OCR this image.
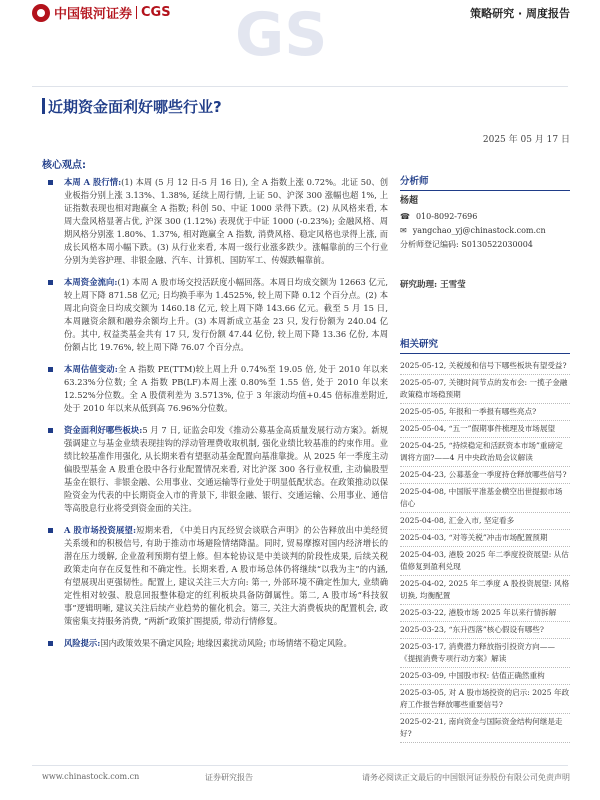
中国银河证券 CGS GS	策略研究 · 周度报告
近期资金面利好哪些行业?
2025 年 05 月 17 日
核心观点:
本周 A 股行情:(1) 本周 (5 月 12 日-5 月 16 日), 全 A 指数上涨 0.72%。北证 50、创业板指分别上涨 3.13%、1.38%, 延续上周行情, 上证 50、沪深 300 涨幅也超 1%, 上证指数表现也相对跑赢全 A 指数; 科创 50、中证 1000 录得下跌。(2) 从风格来看, 本周大盘风格显著占优, 沪深 300 (1.12%) 表现优于中证 1000 (-0.23%); 金融风格、周期风格分别涨 1.80%、1.37%, 相对跑赢全 A 指数, 消费风格、稳定风格也录得上涨, 而成长风格本周小幅下跌。(3) 从行业来看, 本周一级行业涨多跌少。涨幅靠前的三个行业分别为美容护理、非银金融、汽车、计算机、国防军工、传媒跌幅靠前。
本周资金流向:(1) 本周 A 股市场交投活跃度小幅回落。本周日均成交额为 12663 亿元, 较上周下降 871.58 亿元; 日均换手率为 1.4525%, 较上周下降 0.12 个百分点。(2) 本周北向资金日均成交额为 1460.18 亿元, 较上周下降 143.66 亿元。截至 5 月 15 日, 本周融资余额和融券余额均上升。(3) 本周新成立基金 23 只, 发行份额为 240.04 亿份。其中, 权益类基金共有 17 只, 发行份额 47.44 亿份, 较上周下降 13.36 亿份, 本周份额占比 19.76%, 较上周下降 76.07 个百分点。
本周估值变动:全 A 指数 PE(TTM)较上周上升 0.74%至 19.05 倍, 处于 2010 年以来 63.23%分位数; 全 A 指数 PB(LF)本周上涨 0.80%至 1.55 倍, 处于 2010 年以来 12.52%分位数。全 A 股债利差为 3.5713%, 位于 3 年滚动均值+0.45 倍标准差附近, 处于 2010 年以来从低到高 76.96%分位数。
资金面利好哪些板块:5 月 7 日, 证监会印发《推动公募基金高质量发展行动方案》。新规强调建立与基金业绩表现挂钩的浮动管理费收取机制, 强化业绩比较基准的约束作用。业绩比较基准作用强化, 从长期来看有望驱动基金配置向基准靠拢。从 2025 年一季度主动偏股型基金 A 股重仓股中各行业配置情况来看, 对比沪深 300 各行业权重, 主动偏股型基金在银行、非银金融、公用事业、交通运输等行业处于明显低配状态。在政策推动以保险资金为代表的中长期资金入市的背景下, 非银金融、银行、交通运输、公用事业、通信等高股息行业将受到资金面的关注。
A 股市场投资展望:短期来看, 《中美日内瓦经贸会谈联合声明》的公告释放出中美经贸关系缓和的积极信号, 有助于推动市场避险情绪降温。同时, 贸易摩擦对国内经济增长的潜在压力缓解, 企业盈利预期有望上修。但本轮协议是中美谈判的阶段性成果, 后续关税政策走向存在反复性和不确定性。长期来看, A 股市场总体仍将继续“以我为主”的内涵, 有望展现出更强韧性。配置上, 建议关注三大方向: 第一, 外部环境不确定性加大, 业绩确定性相对较强、股息回报整体稳定的红利板块具备防御属性。第二, A 股市场“科技叙事”逻辑明晰, 建议关注后续产业趋势的催化机会。第三, 关注大消费板块的配置机会, 政策密集支持服务消费, “两新”政策扩围提质, 带动行情修复。
风险提示:国内政策效果不确定风险; 地缘因素扰动风险; 市场情绪不稳定风险。
分析师
杨超
☎ 010-8092-7696
✉ yangchao_yj@chinastock.com.cn
分析师登记编码: S0130522030004
研究助理: 王雪莹
相关研究
2025-05-12, 关税缓和信号下哪些板块有望受益?
2025-05-07, 关键时间节点的发布会: 一揽子金融政策稳市场稳预期
2025-05-05, 年报和一季报有哪些亮点?
2025-05-04, “五一”假期事件梳理及市场展望
2025-04-25, “持续稳定和活跃资本市场”重磅定调将方面?——4 月中央政治局会议解读
2025-04-23, 公募基金一季度持仓释放哪些信号?
2025-04-08, 中国版平准基金横空出世提振市场信心
2025-04-08, 汇金入市, 坚定看多
2025-04-03, “对等关税”冲击市场配置预期
2025-04-03, 港股 2025 年二季度投资展望: 从估值修复到盈利兑现
2025-04-02, 2025 年二季度 A 股投资展望: 风格切换, 均衡配置
2025-03-22, 港股市场 2025 年以来行情拆解
2025-03-23, “东升西落”核心假设有哪些?
2025-03-17, 消费潜力释放指引投资方向——《提振消费专项行动方案》解读
2025-03-09, 中国股市权: 估值正确然重构
2025-03-05, 对 A 股市场投资的启示: 2025 年政府工作报告释放哪些重要信号?
2025-02-21, 南向资金与国际资金结构何继是走好?
www.chinastock.com.cn	证券研究报告	请务必阅读正文最后的中国银河证券股份有限公司免责声明
